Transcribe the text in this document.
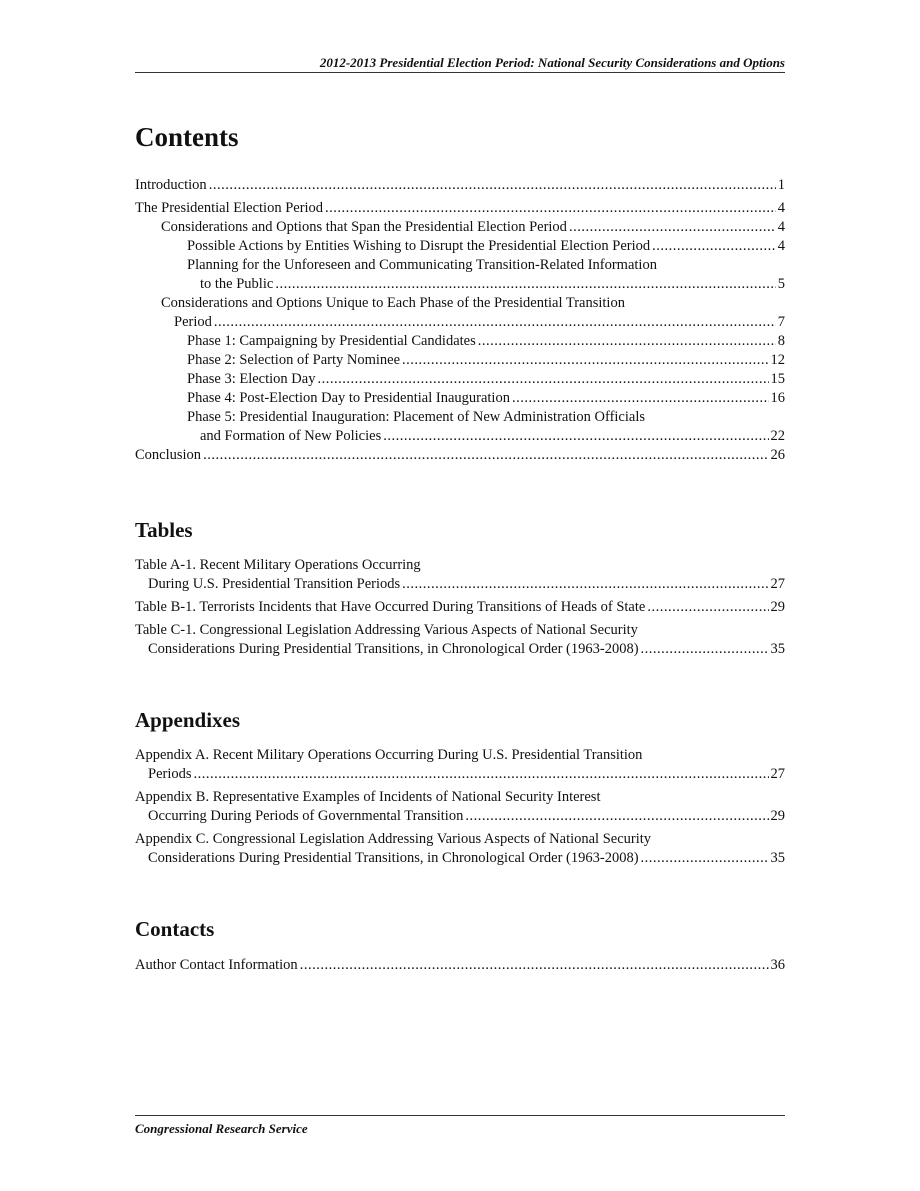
2012-2013 Presidential Election Period: National Security Considerations and Options
Contents
Introduction .....	1
The Presidential Election Period .....	4
Considerations and Options that Span the Presidential Election Period .....	4
Possible Actions by Entities Wishing to Disrupt the Presidential Election Period .....	4
Planning for the Unforeseen and Communicating Transition-Related Information
to the Public .....	5
Considerations and Options Unique to Each Phase of the Presidential Transition
Period .....	7
Phase 1: Campaigning by Presidential Candidates .....	8
Phase 2: Selection of Party Nominee .....	12
Phase 3: Election Day .....	15
Phase 4: Post-Election Day to Presidential Inauguration .....	16
Phase 5: Presidential Inauguration: Placement of New Administration Officials
and Formation of New Policies .....	22
Conclusion .....	26
Tables
Table A-1. Recent Military Operations Occurring
During U.S. Presidential Transition Periods .....	27
Table B-1. Terrorists Incidents that Have Occurred During Transitions of Heads of State .....	29
Table C-1. Congressional Legislation Addressing Various Aspects of National Security
Considerations During Presidential Transitions, in Chronological Order (1963-2008) .....	35
Appendixes
Appendix A. Recent Military Operations Occurring During U.S. Presidential Transition
Periods .....	27
Appendix B. Representative Examples of Incidents of National Security Interest
Occurring During Periods of Governmental Transition .....	29
Appendix C. Congressional Legislation Addressing Various Aspects of National Security
Considerations During Presidential Transitions, in Chronological Order (1963-2008) .....	35
Contacts
Author Contact Information .....	36
Congressional Research Service
